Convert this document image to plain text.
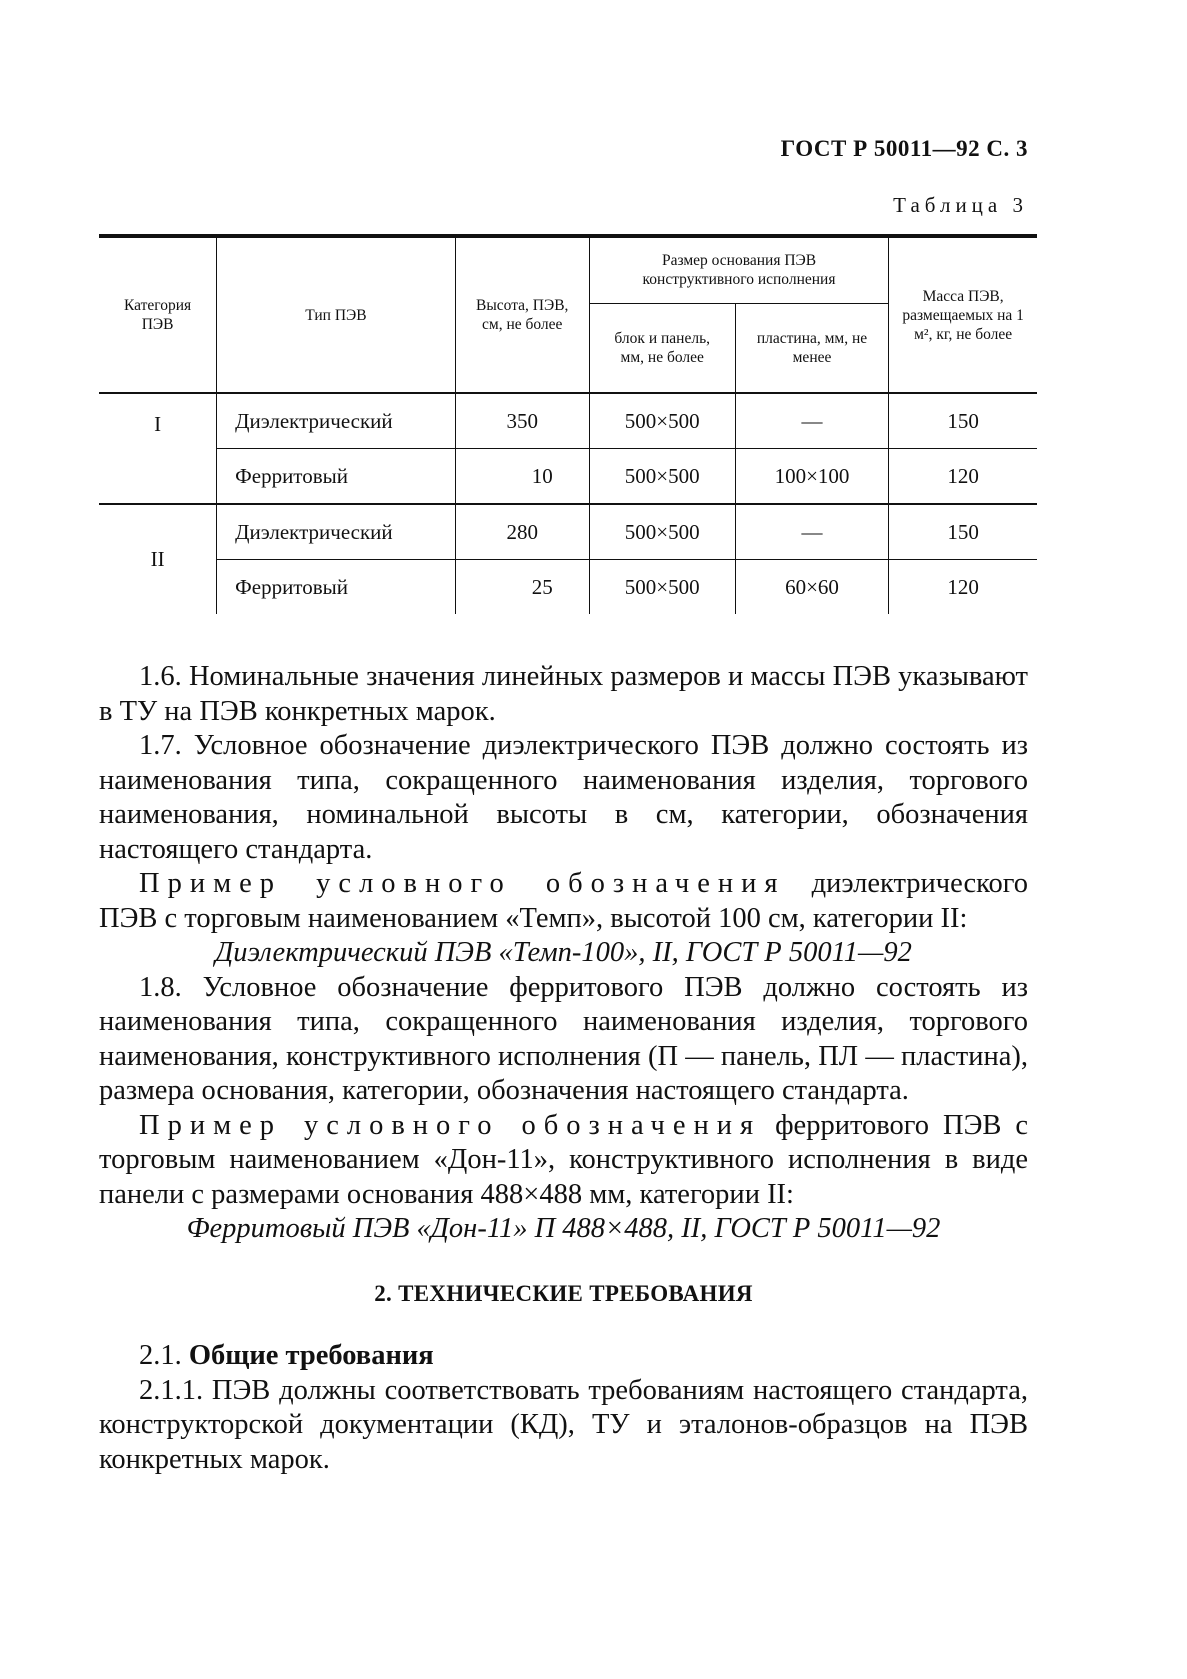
ГОСТ Р 50011—92 С. 3
Таблица 3
Категория ПЭВ	Тип ПЭВ	Высота, ПЭВ, см, не более	Размер основания ПЭВ конструктивного исполнения		Масса ПЭВ, размещаемых на 1 м², кг, не более
			блок и панель, мм, не более	пластина, мм, не менее	
I	Диэлектрический	350	500×500	—	150
	Ферритовый	10	500×500	100×100	120
II	Диэлектрический	280	500×500	—	150
	Ферритовый	25	500×500	60×60	120

1.6. Номинальные значения линейных размеров и массы ПЭВ указывают в ТУ на ПЭВ конкретных марок.

1.7. Условное обозначение диэлектрического ПЭВ должно состоять из наименования типа, сокращенного наименования изделия, торгового наименования, номинальной высоты в см, категории, обозначения настоящего стандарта.

Пример условного обозначения диэлектрического ПЭВ с торговым наименованием «Темп», высотой 100 см, категории II:

Диэлектрический ПЭВ «Темп-100», II, ГОСТ Р 50011—92

1.8. Условное обозначение ферритового ПЭВ должно состоять из наименования типа, сокращенного наименования изделия, торгового наименования, конструктивного исполнения (П — панель, ПЛ — пластина), размера основания, категории, обозначения настоящего стандарта.

Пример условного обозначения ферритового ПЭВ с торговым наименованием «Дон-11», конструктивного исполнения в виде панели с размерами основания 488×488 мм, категории II:

Ферритовый ПЭВ «Дон-11» П 488×488, II, ГОСТ Р 50011—92

2. ТЕХНИЧЕСКИЕ ТРЕБОВАНИЯ

2.1. Общие требования

2.1.1. ПЭВ должны соответствовать требованиям настоящего стандарта, конструкторской документации (КД), ТУ и эталонов-образцов на ПЭВ конкретных марок.
